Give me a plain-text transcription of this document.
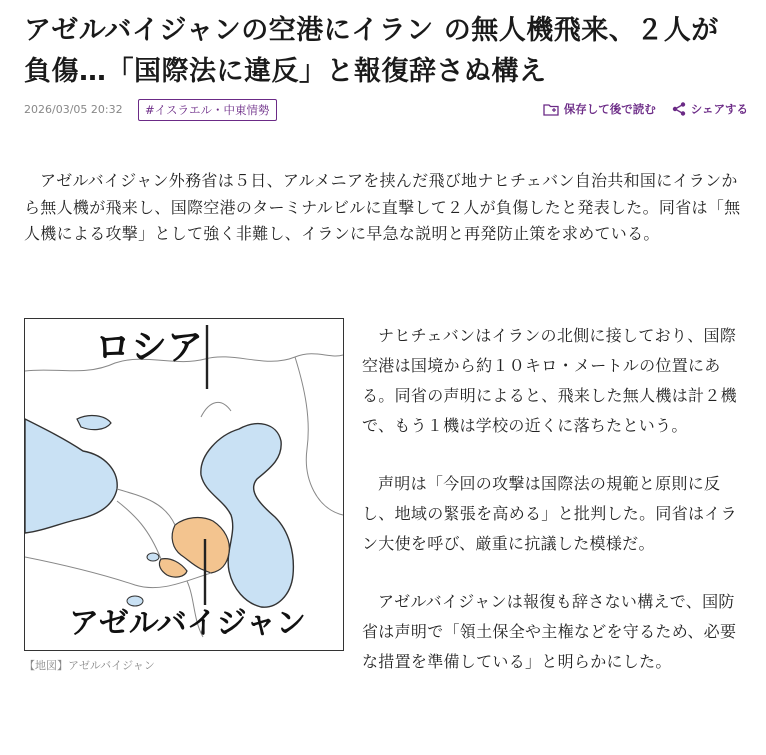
アゼルバイジャンの空港にイラン の無人機飛来、２人が負傷…「国際法に違反」と報復辞さぬ構え
2026/03/05 20:32	#イスラエル・中東情勢	保存して後で読む	シェアする

アゼルバイジャン外務省は５日、アルメニアを挟んだ飛び地ナヒチェバン自治共和国にイランから無人機が飛来し、国際空港のターミナルビルに直撃して２人が負傷したと発表した。同省は「無人機による攻撃」として強く非難し、イランに早急な説明と再発防止策を求めている。

ロシア
アゼルバイジャン
【地図】アゼルバイジャン

ナヒチェバンはイランの北側に接しており、国際空港は国境から約１０キロ・メートルの位置にある。同省の声明によると、飛来した無人機は計２機で、もう１機は学校の近くに落ちたという。

声明は「今回の攻撃は国際法の規範と原則に反し、地域の緊張を高める」と批判した。同省はイラン大使を呼び、厳重に抗議した模様だ。

アゼルバイジャンは報復も辞さない構えで、国防省は声明で「領土保全や主権などを守るため、必要な措置を準備している」と明らかにした。
